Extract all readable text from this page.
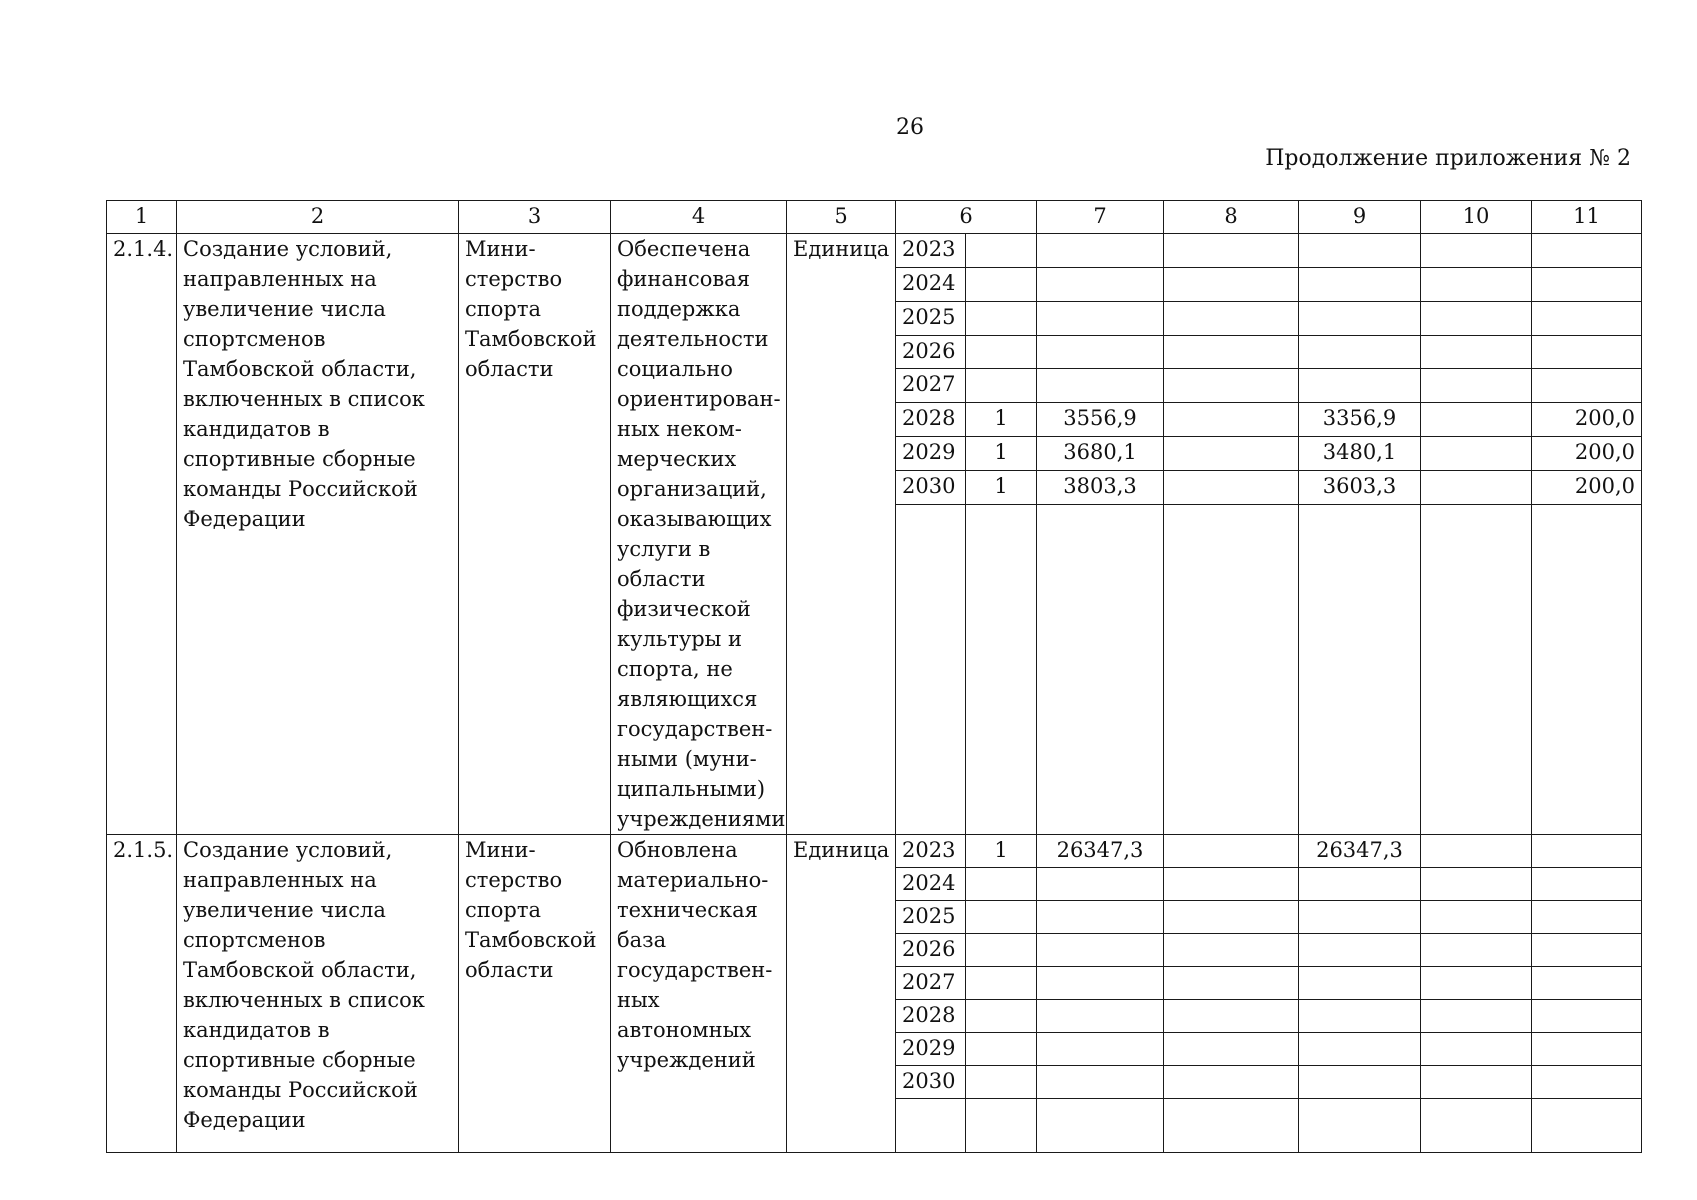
26
Продолжение приложения № 2
1	2	3	4	5	6		7	8	9	10	11
2.1.4.	Создание условий, направленных на увеличение числа спортсменов Тамбовской области, включенных в список кандидатов в спортивные сборные команды Российской Федерации	Мини-стерство спорта Тамбовской области	Обеспечена финансовая поддержка деятельности социально ориентирован-ных неком-мерческих организаций, оказывающих услуги в области физической культуры и спорта, не являющихся государствен-ными (муни-ципальными) учреждениями	Единица	2023						
					2024						
					2025						
					2026						
					2027						
					2028	1	3556,9		3356,9		200,0
					2029	1	3680,1		3480,1		200,0
					2030	1	3803,3		3603,3		200,0

2.1.5.	Создание условий, направленных на увеличение числа спортсменов Тамбовской области, включенных в список кандидатов в спортивные сборные команды Российской Федерации	Мини-стерство спорта Тамбовской области	Обновлена материально-техническая база государствен-ных автономных учреждений	Единица	2023	1	26347,3		26347,3		
					2024						
					2025						
					2026						
					2027						
					2028						
					2029						
					2030						
